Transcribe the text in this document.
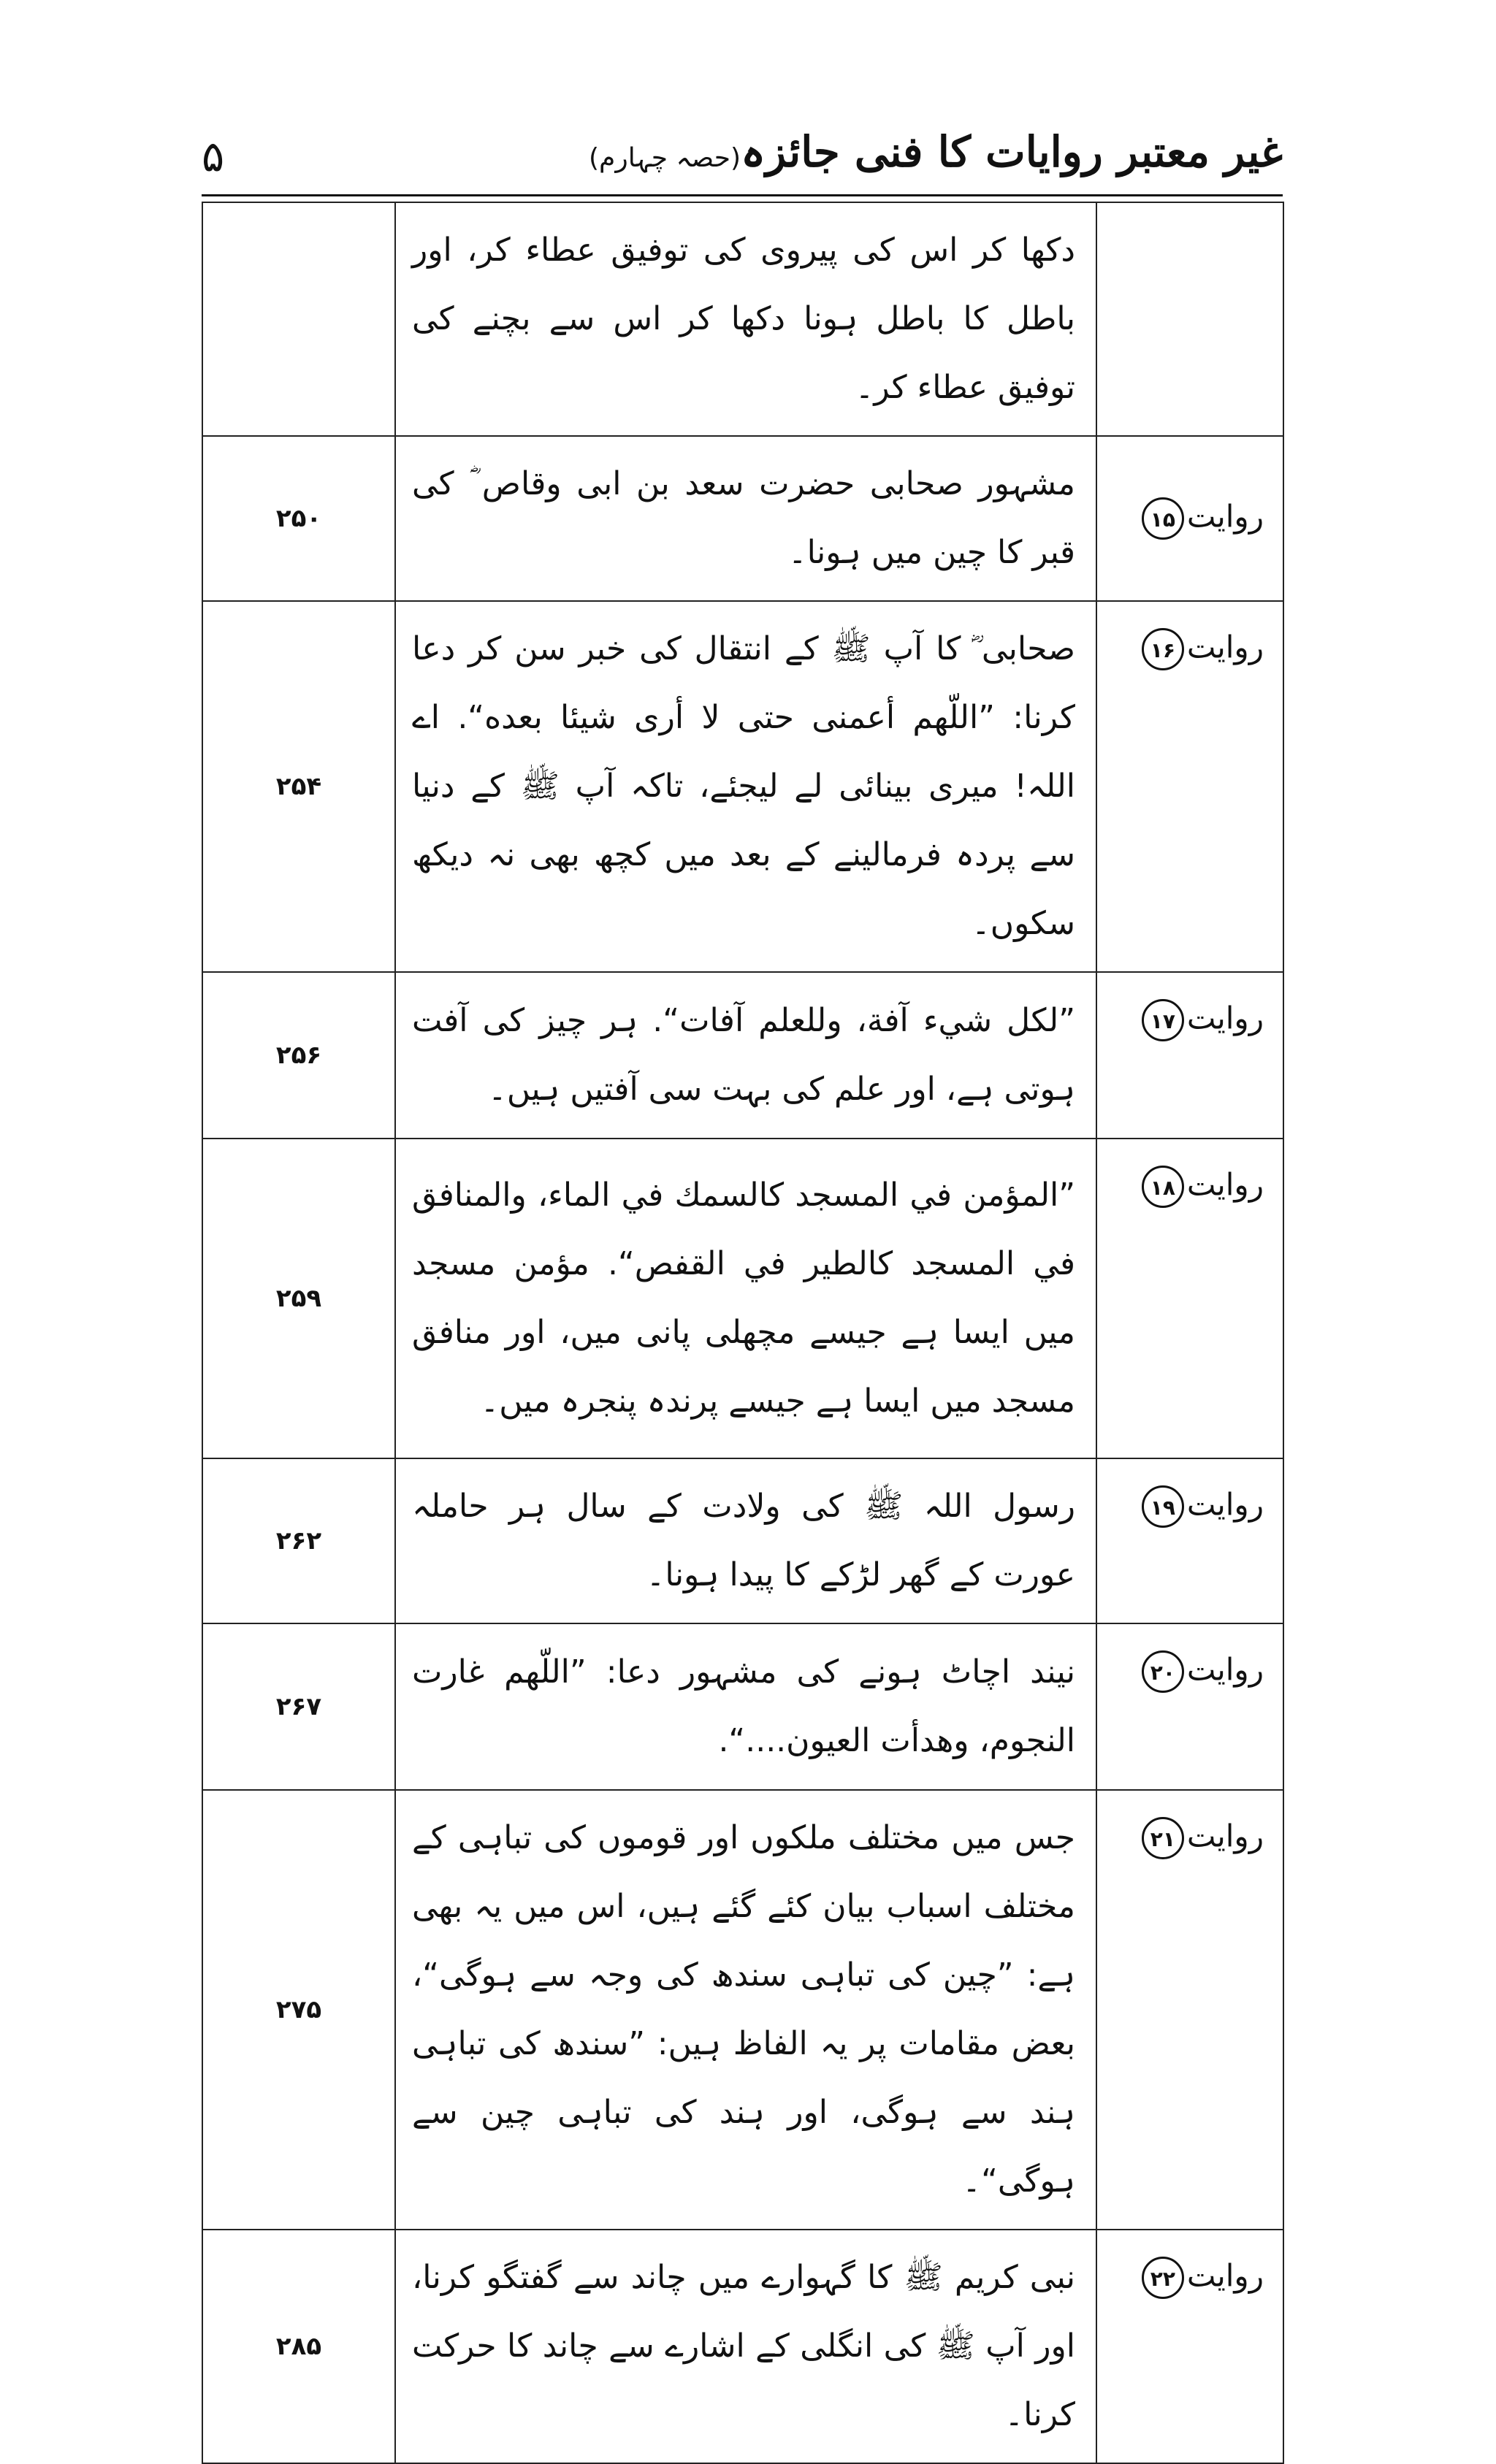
۵	غیر معتبر روایات کا فنی جائزہ(حصہ چہارم)
	دکھا کر اس کی پیروی کی توفیق عطاء کر، اور باطل کا باطل ہونا دکھا کر اس سے بچنے کی توفیق عطاء کر۔	
روایت۱۵	مشہور صحابی حضرت سعد بن ابی وقاص ؓ کی قبر کا چین میں ہونا۔	۲۵۰
روایت۱۶	صحابی ؓ کا آپ ﷺ کے انتقال کی خبر سن کر دعا کرنا: ”اللّهم أعمنى حتى لا أرى شيئا بعده“. اے اللہ! میری بینائی لے لیجئے، تاکہ آپ ﷺ کے دنیا سے پردہ فرمالینے کے بعد میں کچھ بھی نہ دیکھ سکوں۔	۲۵۴
روایت۱۷	”لكل شيء آفة، وللعلم آفات“. ہر چیز کی آفت ہوتی ہے، اور علم کی بہت سی آفتیں ہیں۔	۲۵۶
روایت۱۸	”المؤمن في المسجد كالسمك في الماء، والمنافق في المسجد كالطير في القفص“. مؤمن مسجد میں ایسا ہے جیسے مچھلی پانی میں، اور منافق مسجد میں ایسا ہے جیسے پرندہ پنجرہ میں۔	۲۵۹
روایت۱۹	رسول اللہ ﷺ کی ولادت کے سال ہر حاملہ عورت کے گھر لڑکے کا پیدا ہونا۔	۲۶۲
روایت۲۰	نیند اچاٹ ہونے کی مشہور دعا: ”اللّهم غارت النجوم، وهدأت العيون....“.	۲۶۷
روایت۲۱	جس میں مختلف ملکوں اور قوموں کی تباہی کے مختلف اسباب بیان کئے گئے ہیں، اس میں یہ بھی ہے: ”چین کی تباہی سندھ کی وجہ سے ہوگی“، بعض مقامات پر یہ الفاظ ہیں: ”سندھ کی تباہی ہند سے ہوگی، اور ہند کی تباہی چین سے ہوگی“۔	۲۷۵
روایت۲۲	نبی کریم ﷺ کا گہوارے میں چاند سے گفتگو کرنا، اور آپ ﷺ کی انگلی کے اشارے سے چاند کا حرکت کرنا۔	۲۸۵
